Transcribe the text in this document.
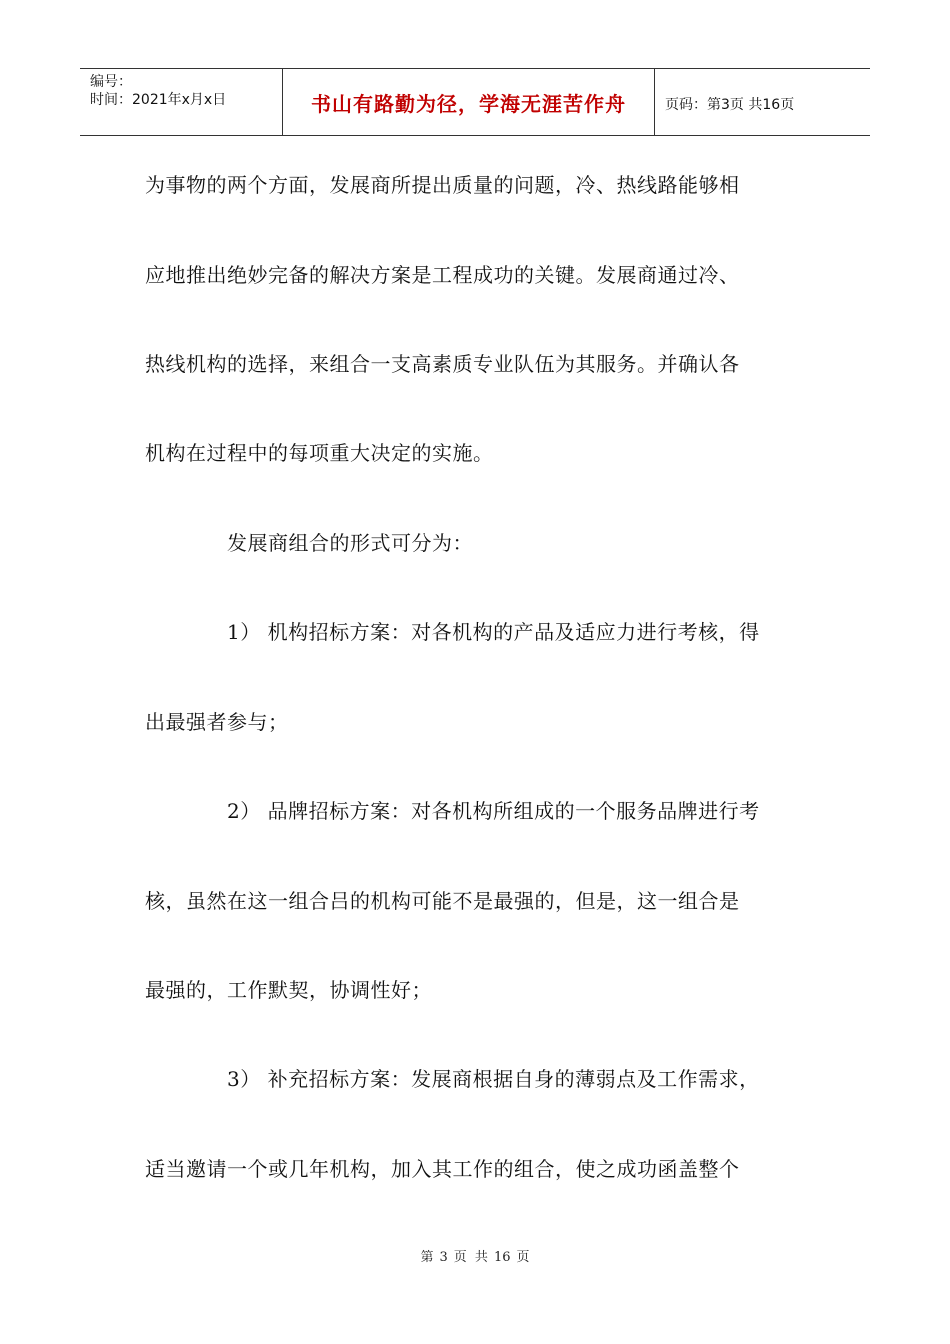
编号：
时间：2021年x月x日	书山有路勤为径，学海无涯苦作舟	页码：第3页 共16页
为事物的两个方面，发展商所提出质量的问题，冷、热线路能够相
应地推出绝妙完备的解决方案是工程成功的关键。发展商通过冷、
热线机构的选择，来组合一支高素质专业队伍为其服务。并确认各
机构在过程中的每项重大决定的实施。
　　　　发展商组合的形式可分为：
　　　　1） 机构招标方案：对各机构的产品及适应力进行考核，得
出最强者参与；
　　　　2） 品牌招标方案：对各机构所组成的一个服务品牌进行考
核，虽然在这一组合吕的机构可能不是最强的，但是，这一组合是
最强的，工作默契，协调性好；
　　　　3） 补充招标方案：发展商根据自身的薄弱点及工作需求，
适当邀请一个或几年机构，加入其工作的组合，使之成功函盖整个
第 3 页 共 16 页
